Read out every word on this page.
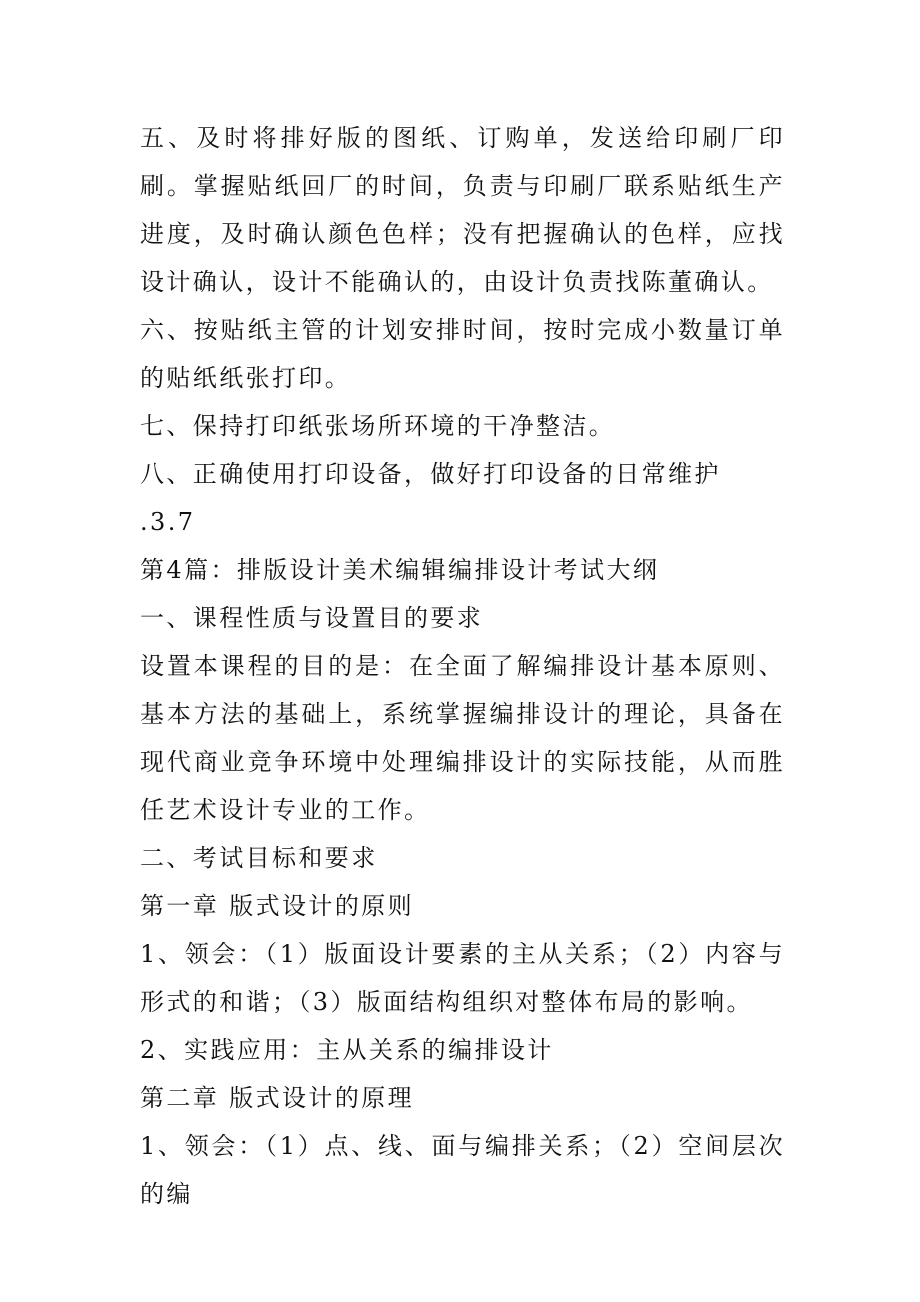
五、及时将排好版的图纸、订购单，发送给印刷厂印刷。掌握贴纸回厂的时间，负责与印刷厂联系贴纸生产进度，及时确认颜色色样；没有把握确认的色样，应找设计确认，设计不能确认的，由设计负责找陈董确认。

六、按贴纸主管的计划安排时间，按时完成小数量订单的贴纸纸张打印。

七、保持打印纸张场所环境的干净整洁。

八、正确使用打印设备，做好打印设备的日常维护

.3.7

第4篇：排版设计美术编辑编排设计考试大纲

一、课程性质与设置目的要求

设置本课程的目的是：在全面了解编排设计基本原则、基本方法的基础上，系统掌握编排设计的理论，具备在现代商业竞争环境中处理编排设计的实际技能，从而胜任艺术设计专业的工作。

二、考试目标和要求

第一章 版式设计的原则

1、领会：（1）版面设计要素的主从关系；（2）内容与形式的和谐；（3）版面结构组织对整体布局的影响。

2、实践应用：主从关系的编排设计

第二章 版式设计的原理

1、领会：（1）点、线、面与编排关系；（2）空间层次的编
